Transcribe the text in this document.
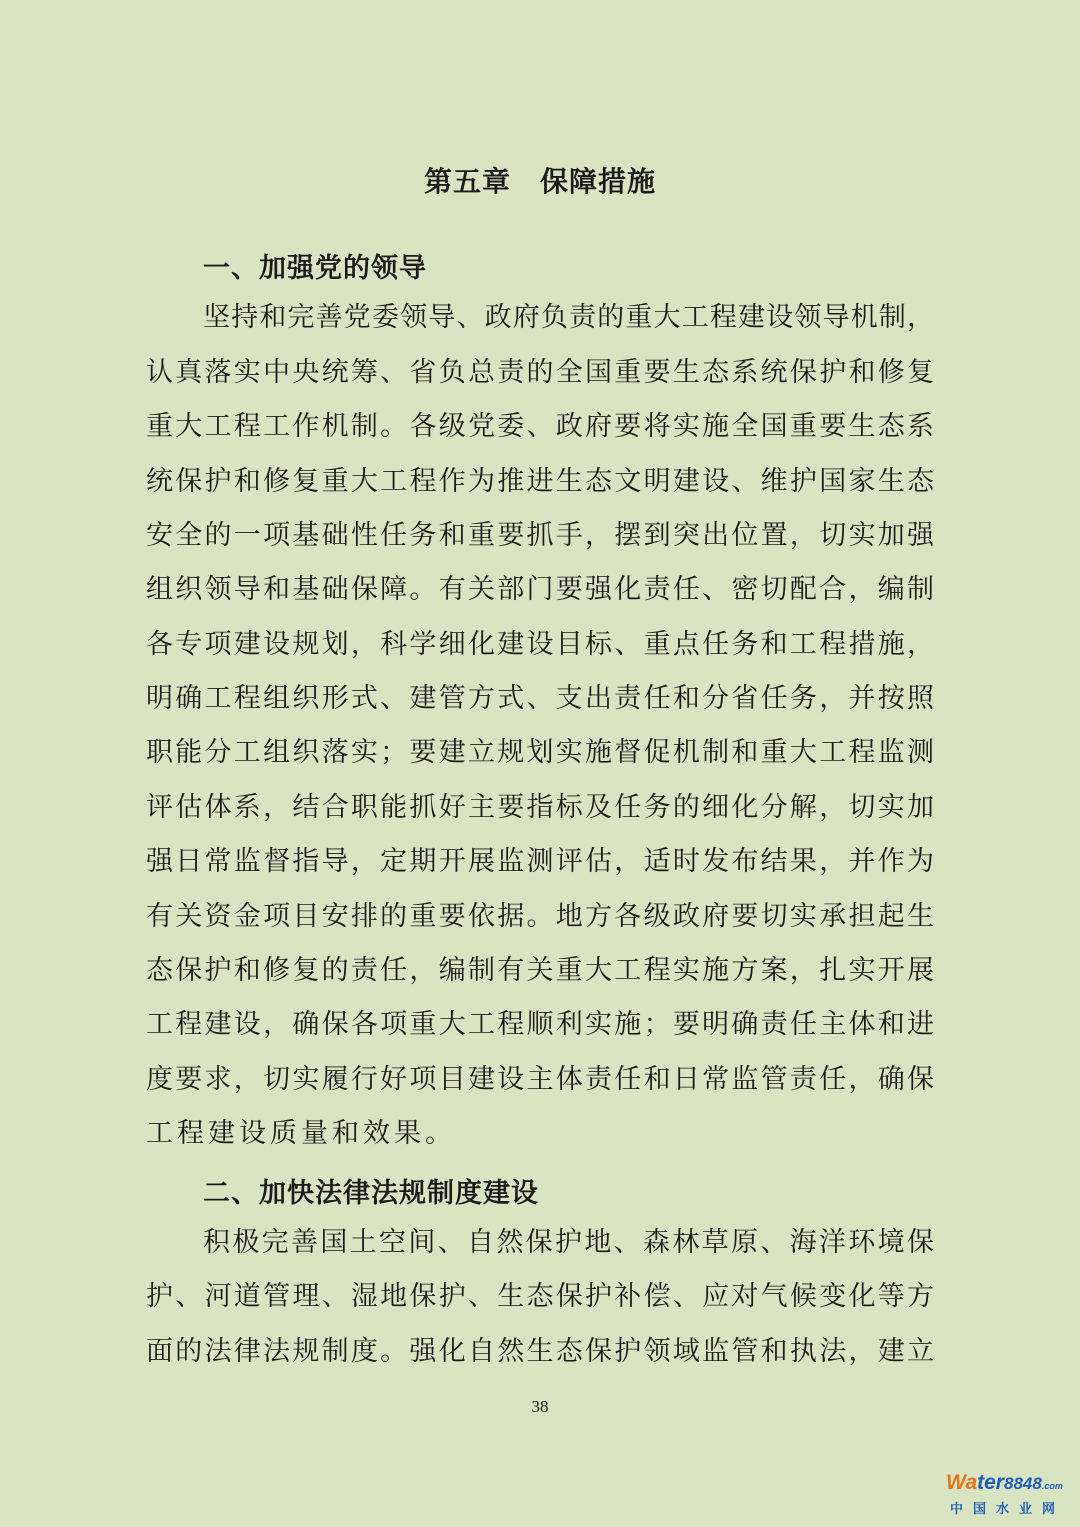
第五章　保障措施
一、加强党的领导
坚持和完善党委领导、政府负责的重大工程建设领导机制，
认真落实中央统筹、省负总责的全国重要生态系统保护和修复
重大工程工作机制。各级党委、政府要将实施全国重要生态系
统保护和修复重大工程作为推进生态文明建设、维护国家生态
安全的一项基础性任务和重要抓手，摆到突出位置，切实加强
组织领导和基础保障。有关部门要强化责任、密切配合，编制
各专项建设规划，科学细化建设目标、重点任务和工程措施，
明确工程组织形式、建管方式、支出责任和分省任务，并按照
职能分工组织落实；要建立规划实施督促机制和重大工程监测
评估体系，结合职能抓好主要指标及任务的细化分解，切实加
强日常监督指导，定期开展监测评估，适时发布结果，并作为
有关资金项目安排的重要依据。地方各级政府要切实承担起生
态保护和修复的责任，编制有关重大工程实施方案，扎实开展
工程建设，确保各项重大工程顺利实施；要明确责任主体和进
度要求，切实履行好项目建设主体责任和日常监管责任，确保
工程建设质量和效果。
二、加快法律法规制度建设
积极完善国土空间、自然保护地、森林草原、海洋环境保
护、河道管理、湿地保护、生态保护补偿、应对气候变化等方
面的法律法规制度。强化自然生态保护领域监管和执法，建立
38
Water8848.com
中国水业网
